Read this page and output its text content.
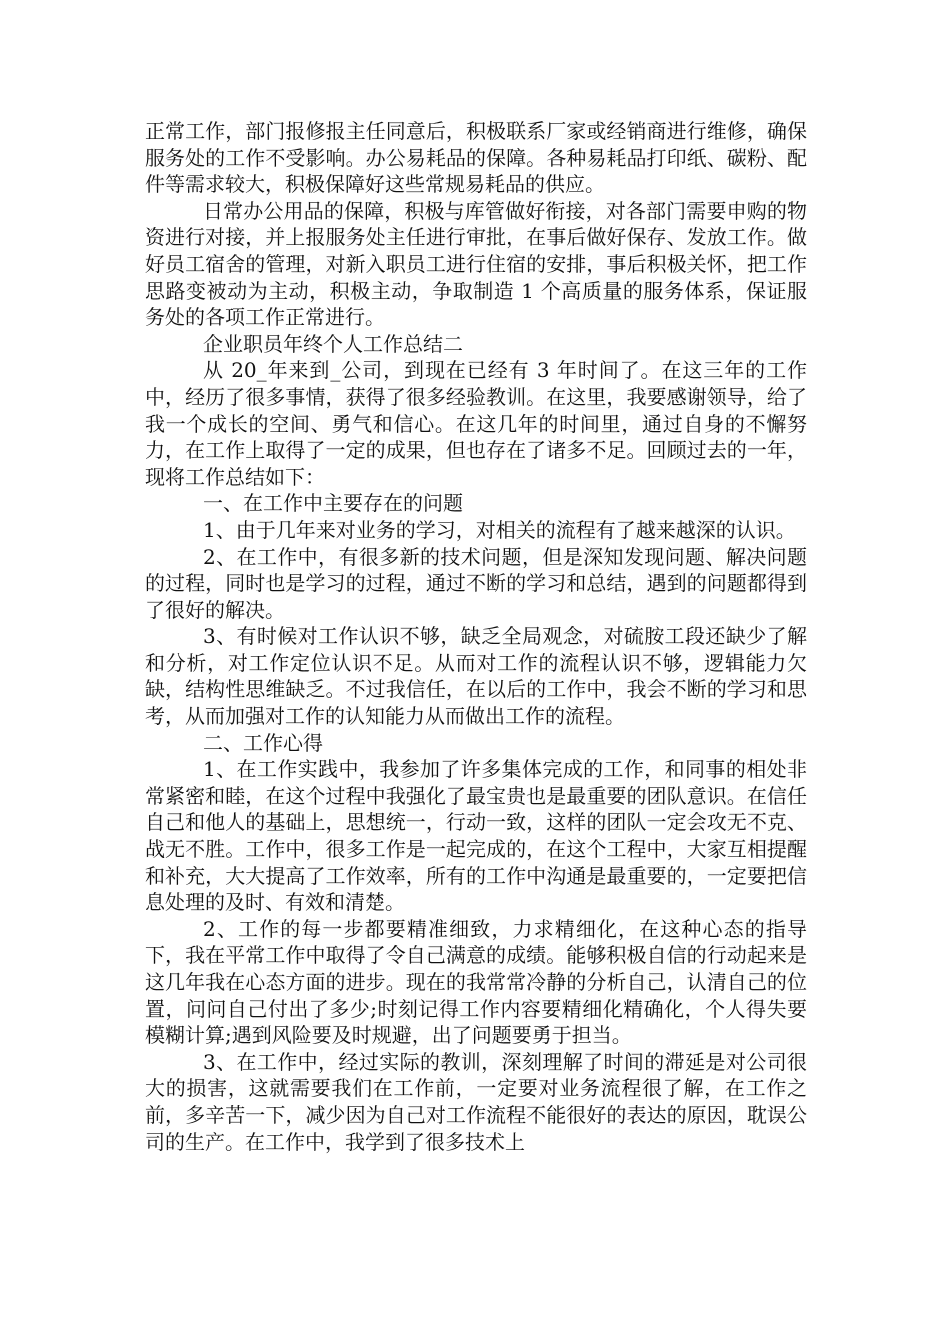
正常工作，部门报修报主任同意后，积极联系厂家或经销商进行维修，确保服务处的工作不受影响。办公易耗品的保障。各种易耗品打印纸、碳粉、配件等需求较大，积极保障好这些常规易耗品的供应。

日常办公用品的保障，积极与库管做好衔接，对各部门需要申购的物资进行对接，并上报服务处主任进行审批，在事后做好保存、发放工作。做好员工宿舍的管理，对新入职员工进行住宿的安排，事后积极关怀，把工作思路变被动为主动，积极主动，争取制造 1 个高质量的服务体系，保证服务处的各项工作正常进行。

企业职员年终个人工作总结二

从 20_年来到_公司，到现在已经有 3 年时间了。在这三年的工作中，经历了很多事情，获得了很多经验教训。在这里，我要感谢领导，给了我一个成长的空间、勇气和信心。在这几年的时间里，通过自身的不懈努力，在工作上取得了一定的成果，但也存在了诸多不足。回顾过去的一年，现将工作总结如下：

一、在工作中主要存在的问题

1、由于几年来对业务的学习，对相关的流程有了越来越深的认识。

2、在工作中，有很多新的技术问题，但是深知发现问题、解决问题的过程，同时也是学习的过程，通过不断的学习和总结，遇到的问题都得到了很好的解决。

3、有时候对工作认识不够，缺乏全局观念，对硫胺工段还缺少了解和分析，对工作定位认识不足。从而对工作的流程认识不够，逻辑能力欠缺，结构性思维缺乏。不过我信任，在以后的工作中，我会不断的学习和思考，从而加强对工作的认知能力从而做出工作的流程。

二、工作心得

1、在工作实践中，我参加了许多集体完成的工作，和同事的相处非常紧密和睦，在这个过程中我强化了最宝贵也是最重要的团队意识。在信任自己和他人的基础上，思想统一，行动一致，这样的团队一定会攻无不克、战无不胜。工作中，很多工作是一起完成的，在这个工程中，大家互相提醒和补充，大大提高了工作效率，所有的工作中沟通是最重要的，一定要把信息处理的及时、有效和清楚。

2、工作的每一步都要精准细致，力求精细化，在这种心态的指导下，我在平常工作中取得了令自己满意的成绩。能够积极自信的行动起来是这几年我在心态方面的进步。现在的我常常冷静的分析自己，认清自己的位置，问问自己付出了多少;时刻记得工作内容要精细化精确化，个人得失要模糊计算;遇到风险要及时规避，出了问题要勇于担当。

3、在工作中，经过实际的教训，深刻理解了时间的滞延是对公司很大的损害，这就需要我们在工作前，一定要对业务流程很了解，在工作之前，多辛苦一下，减少因为自己对工作流程不能很好的表达的原因，耽误公司的生产。在工作中，我学到了很多技术上
